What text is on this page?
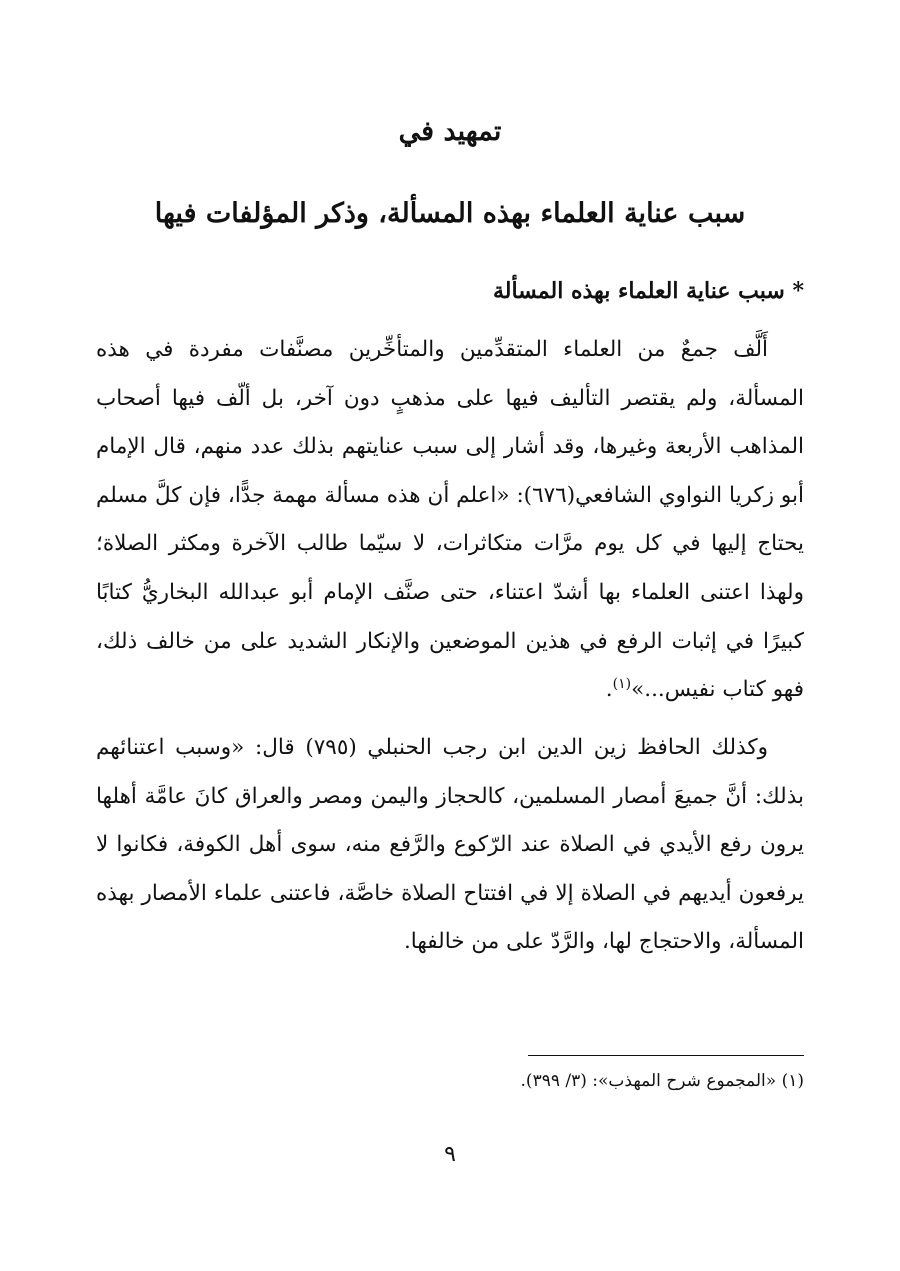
تمهيد في
سبب عناية العلماء بهذه المسألة، وذكر المؤلفات فيها
* سبب عناية العلماء بهذه المسألة

أَلَّف جمعٌ من العلماء المتقدِّمين والمتأخِّرين مصنَّفات مفردة في هذه المسألة، ولم يقتصر التأليف فيها على مذهبٍ دون آخر، بل ألّف فيها أصحاب المذاهب الأربعة وغيرها، وقد أشار إلى سبب عنايتهم بذلك عدد منهم، قال الإمام أبو زكريا النواوي الشافعي(٦٧٦): «اعلم أن هذه مسألة مهمة جدًّا، فإن كلَّ مسلم يحتاج إليها في كل يوم مرَّات متكاثرات، لا سيّما طالب الآخرة ومكثر الصلاة؛ ولهذا اعتنى العلماء بها أشدّ اعتناء، حتى صنَّف الإمام أبو عبدالله البخاريُّ كتابًا كبيرًا في إثبات الرفع في هذين الموضعين والإنكار الشديد على من خالف ذلك، فهو كتاب نفيس...»$^{(١)}$.

وكذلك الحافظ زين الدين ابن رجب الحنبلي (٧٩٥) قال: «وسبب اعتنائهم بذلك: أنَّ جميعَ أمصار المسلمين، كالحجاز واليمن ومصر والعراق كانَ عامَّة أهلها يرون رفع الأيدي في الصلاة عند الرّكوع والرَّفع منه، سوى أهل الكوفة، فكانوا لا يرفعون أيديهم في الصلاة إلا في افتتاح الصلاة خاصَّة، فاعتنى علماء الأمصار بهذه المسألة، والاحتجاج لها، والرَّدّ على من خالفها.

(١) «المجموع شرح المهذب»: (٣/ ٣٩٩).

٩
